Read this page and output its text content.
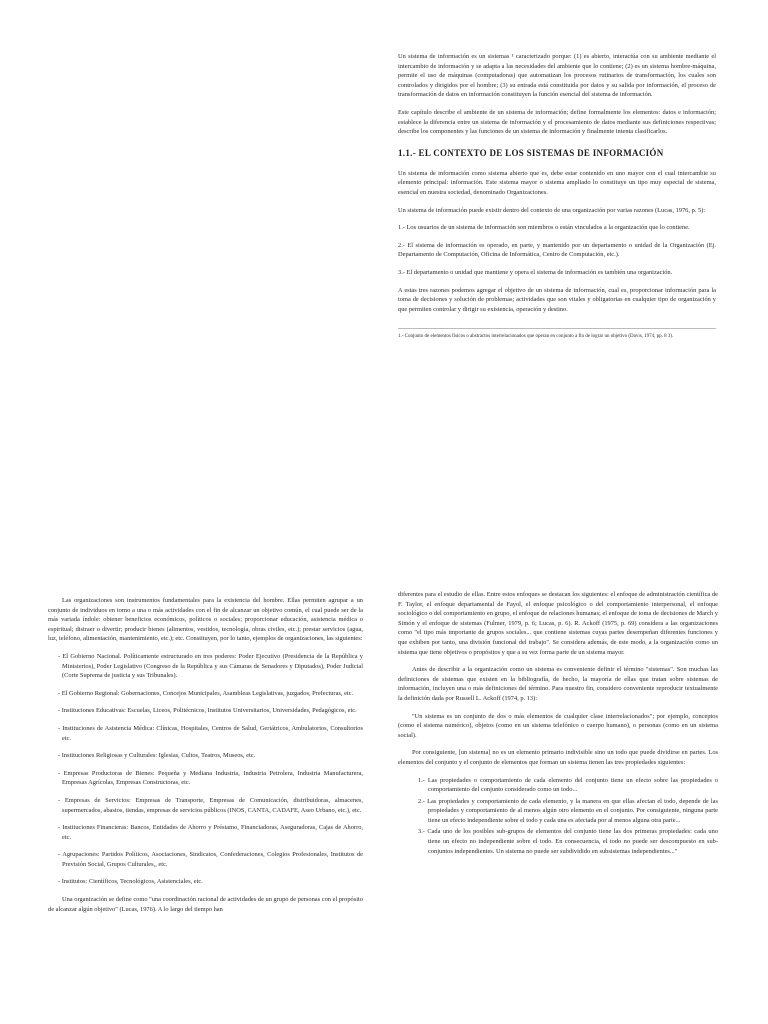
Un sistema de información es un sistemas ¹ caracterizado porque: (1) es abierto, interactúa con su ambiente mediante el intercambio de información y se adapta a las necesidades del ambiente que lo contiene; (2) es un sistema hombre-máquina, permite el uso de máquinas (computadoras) que automatizan los procesos rutinarios de transformación, los cuales son controlados y dirigidos por el hombre; (3) su entrada está constituida por datos y su salida por información, el proceso de transformación de datos en información constituyen la función esencial del sistema de información.

Este capítulo describe el ambiente de un sistema de información; define formalmente los elementos: datos e información; establece la diferencia entre un sistema de información y el procesamiento de datos mediante sus definiciones respectivas; describe los componentes y las funciones de un sistema de información y finalmente intenta clasificarlos.

1.1.- EL CONTEXTO DE LOS SISTEMAS DE INFORMACIÓN

Un sistema de información como sistema abierto que es, debe estar contenido en uno mayor con el cual intercambie su elemento principal: información. Este sistema mayor o sistema ampliado lo constituye un tipo muy especial de sistema, esencial en nuestra sociedad, denominado Organizaciones.

Un sistema de información puede existir dentro del contexto de una organización por varias razones (Lucas, 1976, p. 5):

1.- Los usuarios de un sistema de información son miembros o están vinculados a la organización que lo contiene.

2.- El sistema de información es operado, en parte, y mantenido por un departamento o unidad de la Organización (Ej. Departamento de Computación, Oficina de Informática, Centro de Computación, etc.).

3.- El departamento o unidad que mantiene y opera el sistema de información es también una organización.

A estas tres razones podemos agregar el objetivo de un sistema de información, cual es, proporcionar información para la toma de decisiones y solución de problemas; actividades que son vitales y obligatorias en cualquier tipo de organización y que permiten controlar y dirigir su existencia, operación y destino.

1.- Conjunto de elementos físicos o abstractos interrelacionados que operan en conjunto a fin de lograr un objetivo (Davis, 1974, pp. 8 3).

Las organizaciones son instrumentos fundamentales para la existencia del hombre. Ellas permiten agrupar a un conjunto de individuos en torno a una o más actividades con el fin de alcanzar un objetivo común, el cual puede ser de la más variada índole: obtener beneficios económicos, políticos o sociales; proporcionar educación, asistencia médica o espiritual; distraer o divertir; producir bienes (alimentos, vestidos, tecnología, obras civiles, etc.); prestar servicios (agua, luz, teléfono, alimentación, mantenimiento, etc.); etc. Constituyen, por lo tanto, ejemplos de organizaciones, las siguientes:

- El Gobierno Nacional. Políticamente estructurado en tres poderes: Poder Ejecutivo (Presidencia de la República y Ministerios), Poder Legislativo (Congreso de la República y sus Cámaras de Senadores y Diputados), Poder Judicial (Corte Suprema de justicia y sus Tribunales).

- El Gobierno Regional: Gobernaciones, Concejos Municipales, Asambleas Legislativas, juzgados, Prefecturas, etc.

- Instituciones Educativas: Escuelas, Liceos, Politécnicos, Institutos Universitarios, Universidades, Pedagógicos, etc.

- Instituciones de Asistencia Médica: Clínicas, Hospitales, Centros de Salud, Geriátricos, Ambulatorios, Consultorios etc.

- Instituciones Religiosas y Culturales: Iglesias, Cultos, Teatros, Museos, etc.

- Empresas Productoras de Bienes: Pequeña y Mediana Industria, Industria Petrolera, Industria Manufacturera, Empresas Agrícolas, Empresas Constructoras, etc.

- Empresas de Servicios: Empresas de Transporte, Empresas de Comunicación, distribuidoras, almacenes, supermercados, abastos, tiendas, empresas de servicios públicos (INOS, CANTA, CADAFE, Aseo Urbano, etc.), etc.

- Instituciones Financieras: Bancos, Entidades de Ahorro y Préstamo, Financiadoras, Aseguradoras, Cajas de Ahorro, etc.

- Agrupaciones: Partidos Políticos, Asociaciones, Sindicatos, Confederaciones, Colegios Profesionales, Institutos de Previsión Social, Grupos Culturales,, etc.

- Institutos: Científicos, Tecnológicos, Asistenciales, etc.

Una organización se define como "una coordinación racional de actividades de un grupo de personas con el propósito de alcanzar algún objetivo" (Lucas, 1976). A lo largo del tiempo han

diferentes para el estudio de ellas. Entre estos enfoques se destacan los siguientes: el enfoque de administración científica de F. Taylor, el enfoque departamental de Fayol, el enfoque psicológico o del comportamiento interpersonal, el enfoque sociológico o del comportamiento en grupo, el enfoque de relaciones humanas; el enfoque de toma de decisiones de March y Simón y el enfoque de sistemas (Fulmer, 1979, p. 6; Lucas, p. 6). R. Ackoff (1975, p. 69) considera a las organizaciones como "el tipo más importante de grupos sociales... que contiene sistemas cuyas partes desempeñan diferentes funciones y que exhiben por tanto, una división funcional del trabajo". Se considera además, de este modo, a la organización como un sistema que tiene objetivos o propósitos y que a su vez forma parte de un sistema mayor.

Antes de describir a la organización como un sistema es conveniente definir el término "sistemas". Son muchas las definiciones de sistemas que existen en la bibliografía, de hecho, la mayoría de ellas que tratan sobre sistemas de información, incluyen una o más definiciones del término. Para nuestro fin, considero conveniente reproducir textualmente la definición dada por Russell L. Ackoff (1974, p. 13):

"Un sistema es un conjunto de dos o más elementos de cualquier clase interrelacionados"; por ejemplo, conceptos (como el sistema numérico), objetos (como en un sistema telefónico o cuerpo humano), o personas (como en un sistema social).

Por consiguiente, [un sistema] no es un elemento primario indivisible sino un todo que puede dividirse en partes. Los elementos del conjunto y el conjunto de elementos que forman un sistema tienen las tres propiedades siguientes:

1.- Las propiedades o comportamiento de cada elemento del conjunto tiene un efecto sobre las propiedades o comportamiento del conjunto considerado como un todo...

2.- Las propiedades y comportamiento de cada elemento, y la manera en que ellas afectan el todo, depende de las propiedades y comportamiento de al menos algún otro elemento en el conjunto. Por consiguiente, ninguna parte tiene un efecto independiente sobre el todo y cada una es afectada por al menos alguna otra parte...

3.- Cada uno de los posibles sub-grupos de elementos del conjunto tiene las dos primeras propiedades: cada uno tiene un efecto no independiente sobre el todo. En consecuencia, el todo no puede ser descompuesto en sub-conjuntos independientes. Un sistema no puede ser subdividido en subsistemas independientes..."
